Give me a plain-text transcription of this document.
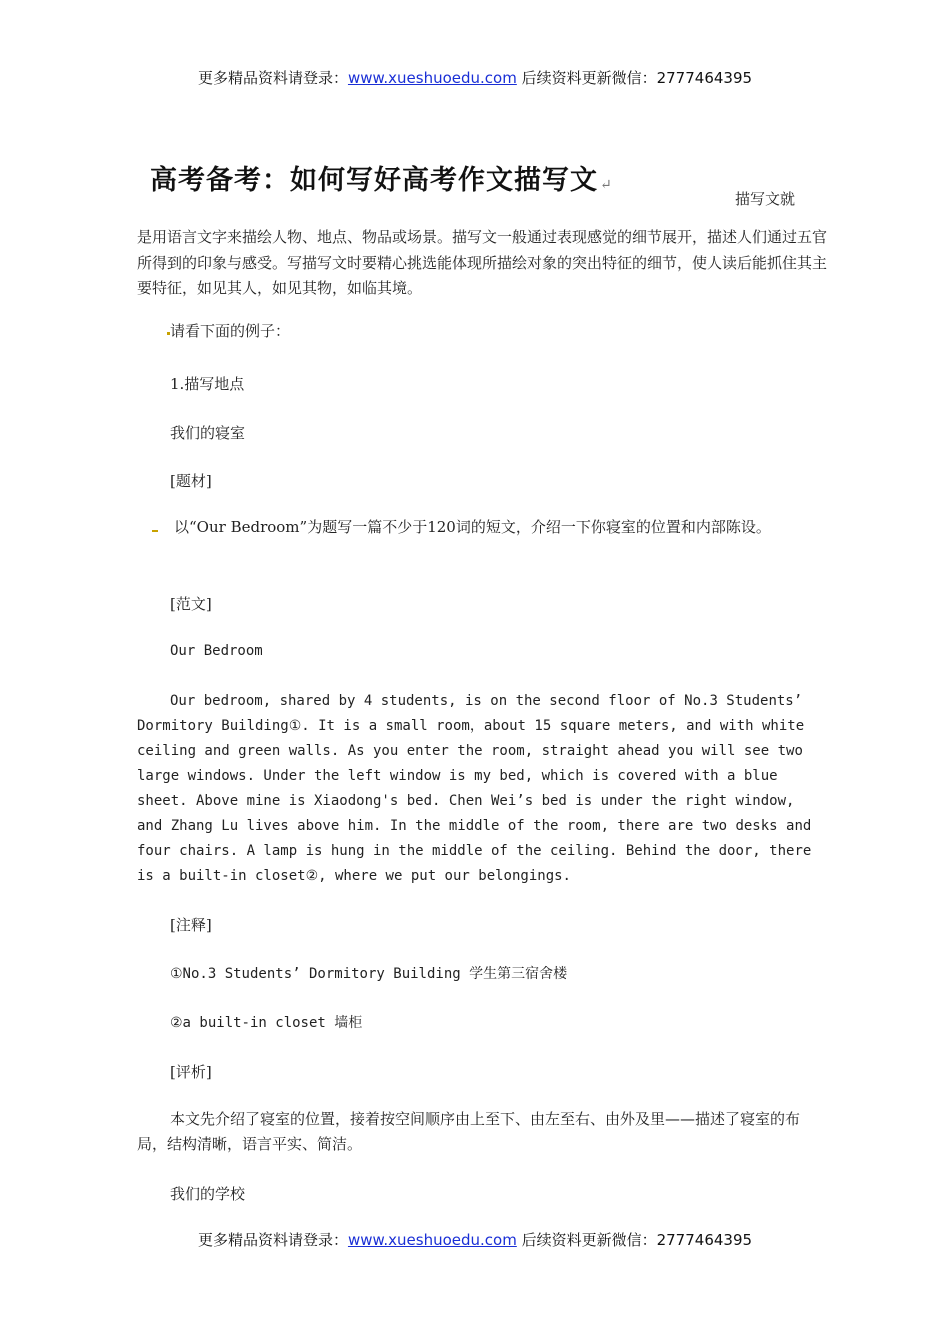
更多精品资料请登录：www.xueshuoedu.com 后续资料更新微信：2777464395
高考备考：如何写好高考作文描写文 ↵
描写文就

是用语言文字来描绘人物、地点、物品或场景。描写文一般通过表现感觉的细节展开，描述人们通过五官所得到的印象与感受。写描写文时要精心挑选能体现所描绘对象的突出特征的细节，使人读后能抓住其主要特征，如见其人，如见其物，如临其境。

请看下面的例子：
1.描写地点
我们的寝室
[题材]
以“Our Bedroom”为题写一篇不少于120词的短文，介绍一下你寝室的位置和内部陈设。
[范文]
Our Bedroom

Our bedroom, shared by 4 students, is on the second floor of No.3 Students’ Dormitory Building①. It is a small room，about 15 square meters, and with white ceiling and green walls. As you enter the room, straight ahead you will see two large windows. Under the left window is my bed, which is covered with a blue sheet. Above mine is Xiaodong's bed. Chen Wei’s bed is under the right window, and Zhang Lu lives above him. In the middle of the room, there are two desks and four chairs. A lamp is hung in the middle of the ceiling. Behind the door, there is a built-in closet②, where we put our belongings.

[注释]
①No.3 Students’ Dormitory Building 学生第三宿舍楼
②a built-in closet 墙柜
[评析]

本文先介绍了寝室的位置，接着按空间顺序由上至下、由左至右、由外及里——描述了寝室的布局，结构清晰，语言平实、简洁。

我们的学校
更多精品资料请登录：www.xueshuoedu.com 后续资料更新微信：2777464395
